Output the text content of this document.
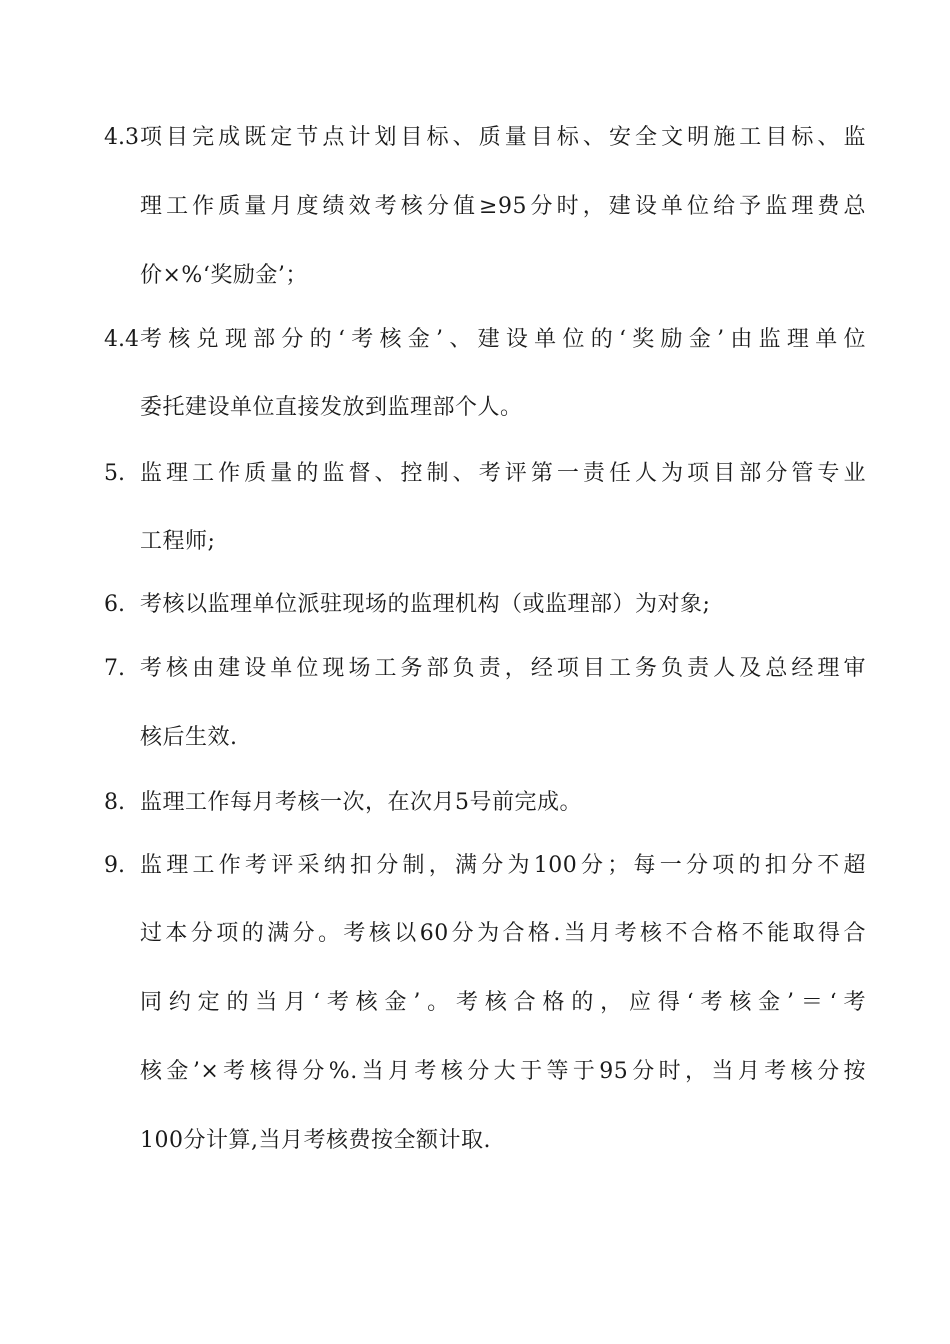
4.3 项目完成既定节点计划目标、质量目标、安全文明施工目标、监
理工作质量月度绩效考核分值≥95分时，建设单位给予监理费总
价×%‘奖励金’；
4.4 考核兑现部分的‘考核金’、建设单位的‘奖励金’由监理单位
委托建设单位直接发放到监理部个人。
5. 监理工作质量的监督、控制、考评第一责任人为项目部分管专业
工程师;
6. 考核以监理单位派驻现场的监理机构（或监理部）为对象;
7. 考核由建设单位现场工务部负责，经项目工务负责人及总经理审
核后生效.
8. 监理工作每月考核一次，在次月5号前完成。
9. 监理工作考评采纳扣分制，满分为100分；每一分项的扣分不超
过本分项的满分。考核以60分为合格.当月考核不合格不能取得合
同约定的当月‘考核金’。考核合格的，应得‘考核金’＝‘考
核金’×考核得分%.当月考核分大于等于95分时，当月考核分按
100分计算,当月考核费按全额计取.
